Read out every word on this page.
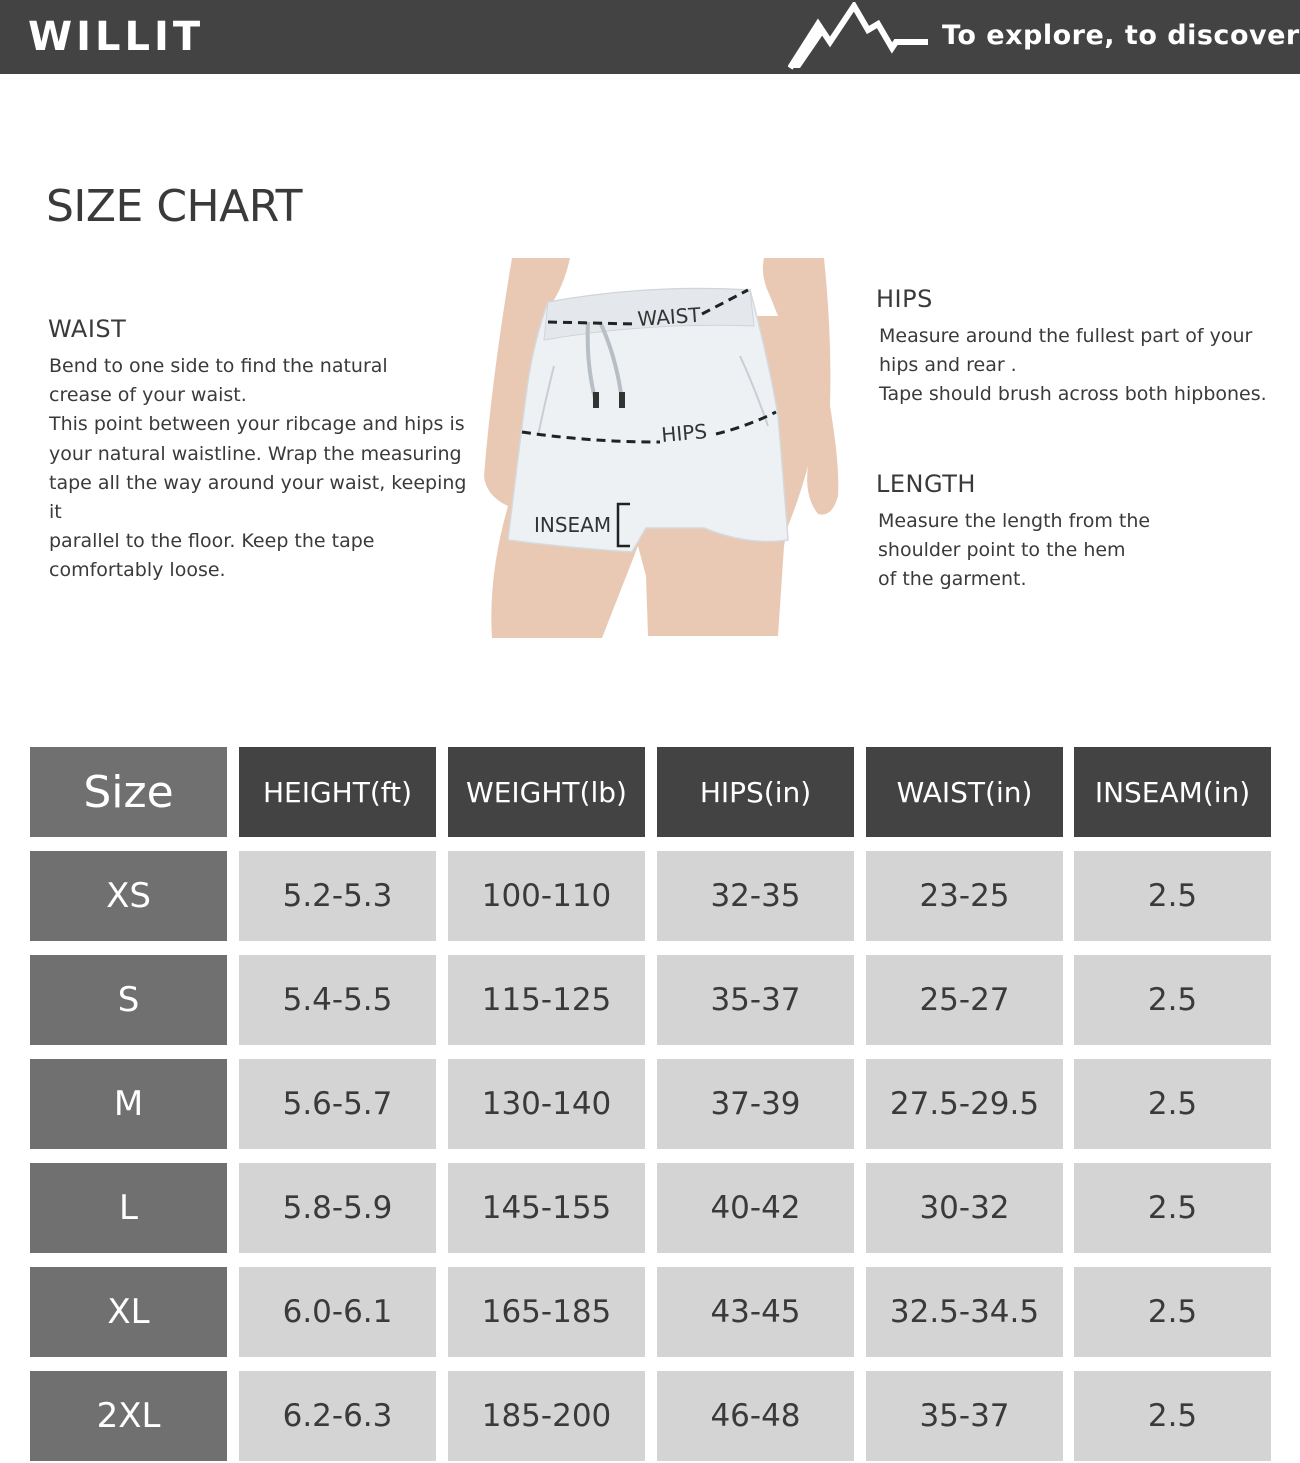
WILLIT	To explore, to discover
SIZE CHART
WAIST
Bend to one side to find the natural
crease of your waist.
This point between your ribcage and hips is
your natural waistline. Wrap the measuring
tape all the way around your waist, keeping it
parallel to the floor. Keep the tape
comfortably loose.
HIPS
Measure around the fullest part of your
hips and rear .
Tape should brush across both hipbones.
LENGTH
Measure the length from the
shoulder point to the hem
of the garment.
WAIST
HIPS
INSEAM
Size	HEIGHT(ft)	WEIGHT(lb)	HIPS(in)	WAIST(in)	INSEAM(in)
XS	5.2-5.3	100-110	32-35	23-25	2.5
S	5.4-5.5	115-125	35-37	25-27	2.5
M	5.6-5.7	130-140	37-39	27.5-29.5	2.5
L	5.8-5.9	145-155	40-42	30-32	2.5
XL	6.0-6.1	165-185	43-45	32.5-34.5	2.5
2XL	6.2-6.3	185-200	46-48	35-37	2.5
